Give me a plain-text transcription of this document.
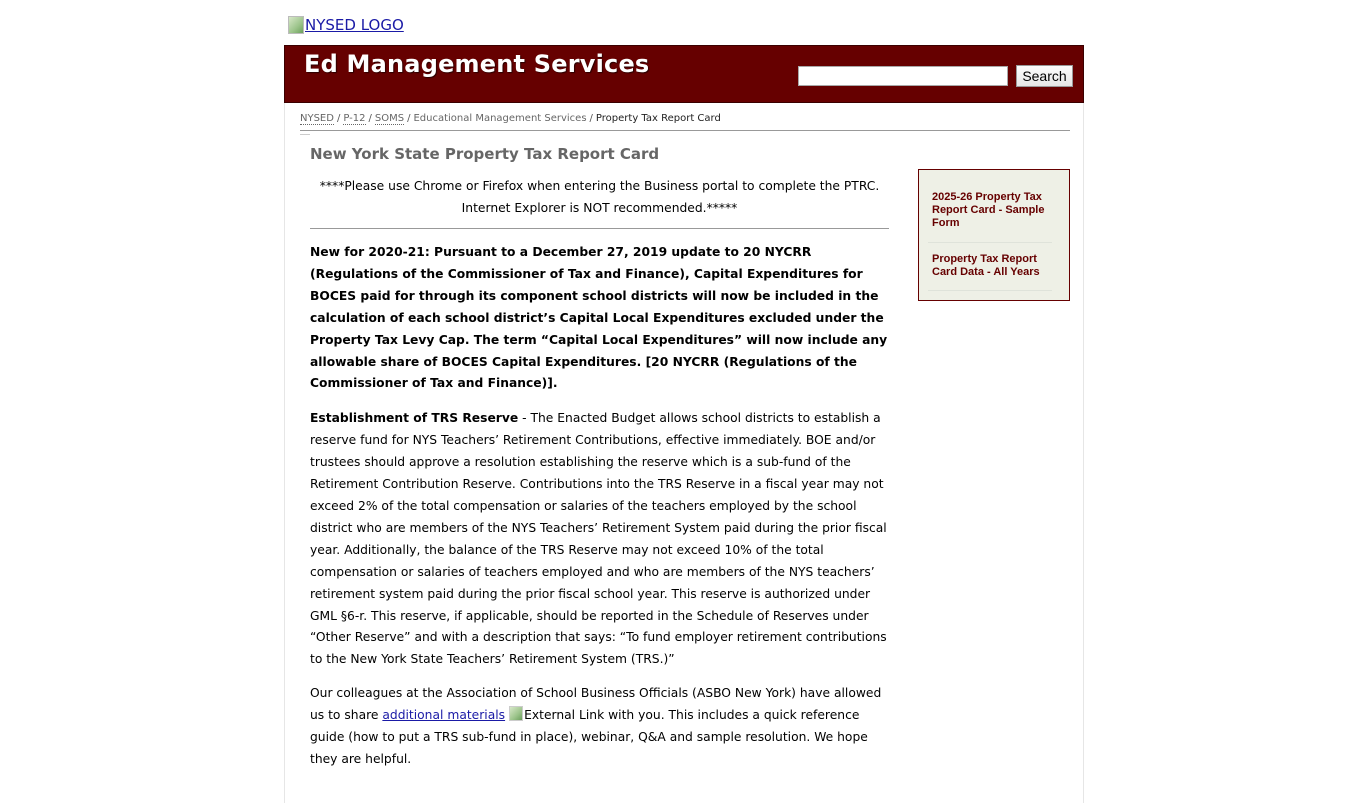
NYSED LOGO
Ed Management Services	Search
NYSED / P-12 / SOMS / Educational Management Services / Property Tax Report Card
New York State Property Tax Report Card
****Please use Chrome or Firefox when entering the Business portal to complete the PTRC.
Internet Explorer is NOT recommended.*****

New for 2020-21: Pursuant to a December 27, 2019 update to 20 NYCRR (Regulations of the Commissioner of Tax and Finance), Capital Expenditures for BOCES paid for through its component school districts will now be included in the calculation of each school district’s Capital Local Expenditures excluded under the Property Tax Levy Cap. The term “Capital Local Expenditures” will now include any allowable share of BOCES Capital Expenditures. [20 NYCRR (Regulations of the Commissioner of Tax and Finance)].

Establishment of TRS Reserve - The Enacted Budget allows school districts to establish a reserve fund for NYS Teachers’ Retirement Contributions, effective immediately. BOE and/or trustees should approve a resolution establishing the reserve which is a sub-fund of the Retirement Contribution Reserve. Contributions into the TRS Reserve in a fiscal year may not exceed 2% of the total compensation or salaries of the teachers employed by the school district who are members of the NYS Teachers’ Retirement System paid during the prior fiscal year. Additionally, the balance of the TRS Reserve may not exceed 10% of the total compensation or salaries of teachers employed and who are members of the NYS teachers’ retirement system paid during the prior fiscal school year. This reserve is authorized under GML §6-r. This reserve, if applicable, should be reported in the Schedule of Reserves under “Other Reserve” and with a description that says: “To fund employer retirement contributions to the New York State Teachers’ Retirement System (TRS.)”

Our colleagues at the Association of School Business Officials (ASBO New York) have allowed us to share additional materials External Link with you. This includes a quick reference guide (how to put a TRS sub-fund in place), webinar, Q&A and sample resolution. We hope they are helpful.

2025-26 Property Tax Report Card - Sample Form
Property Tax Report Card Data - All Years
